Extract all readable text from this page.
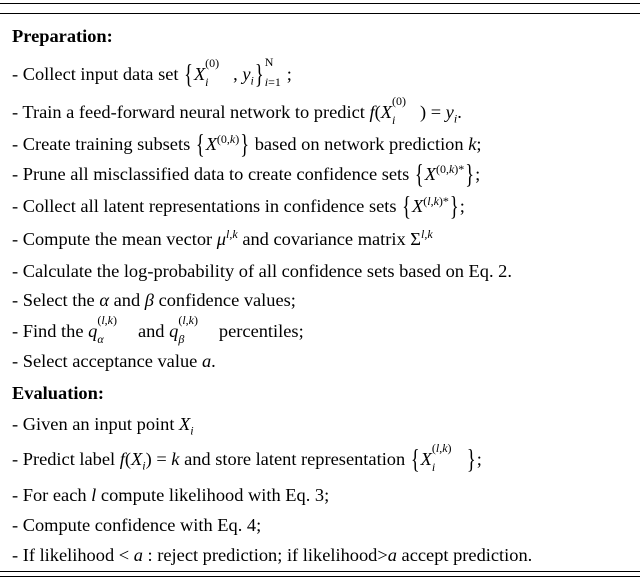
Preparation:
- Collect input data set {X
(0)
i , $y_i$} N
i=1 ;
- Train a feed-forward neural network to predict f(X
(0)
i ) = $y_i$.
- Create training subsets $\{X^{(0,k)}\}$ based on network prediction k;
- Prune all misclassified data to create confidence sets $\{X^{(0,k)*}\}$;
- Collect all latent representations in confidence sets $\{X^{(l,k)*}\}$;
- Compute the mean vector $\mu^{l,k}$ and covariance matrix Σ$^{l,k}$
- Calculate the log-probability of all confidence sets based on Eq. 2.
- Select the α and β confidence values;
- Find the q
(l,k)
α and q
(l,k)
β percentiles;
- Select acceptance value a.
Evaluation:
- Given an input point $X_i$
- Predict label $f(X_i) = k$ and store latent representation {X
(l,k)
i };
- For each l compute likelihood with Eq. 3;
- Compute confidence with Eq. 4;
- If likelihood < a : reject prediction; if likelihood>a accept prediction.
